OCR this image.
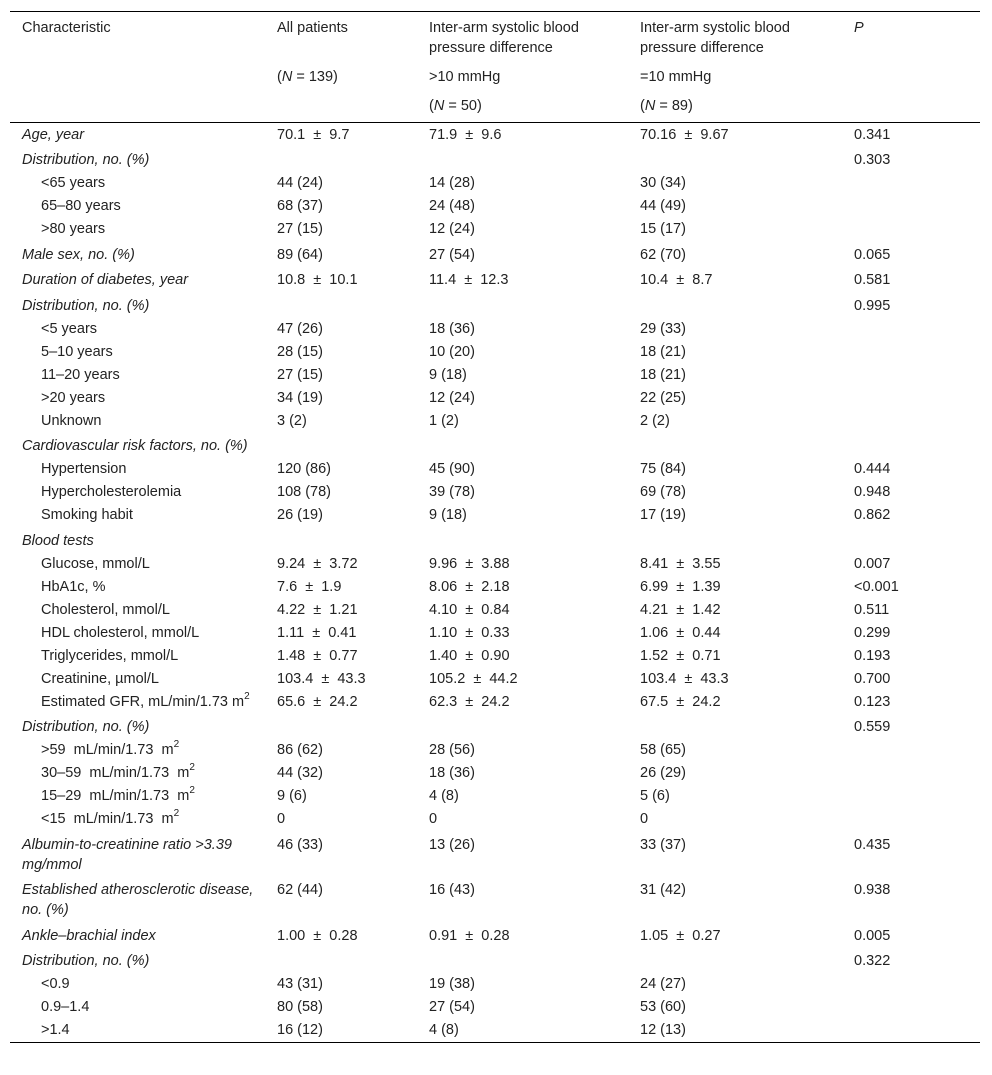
Characteristic	All patients	Inter-arm systolic blood pressure difference	Inter-arm systolic blood pressure difference	P
	(N = 139)	>10 mmHg	=10 mmHg	
		(N = 50)	(N = 89)	
Age, year	70.1  ±  9.7	71.9  ±  9.6	70.16  ±  9.67	0.341
Distribution, no. (%)				0.303
<65 years	44 (24)	14 (28)	30 (34)	
65–80 years	68 (37)	24 (48)	44 (49)	
>80 years	27 (15)	12 (24)	15 (17)	
Male sex, no. (%)	89 (64)	27 (54)	62 (70)	0.065
Duration of diabetes, year	10.8  ±  10.1	11.4  ±  12.3	10.4  ±  8.7	0.581
Distribution, no. (%)				0.995
<5 years	47 (26)	18 (36)	29 (33)	
5–10 years	28 (15)	10 (20)	18 (21)	
11–20 years	27 (15)	9 (18)	18 (21)	
>20 years	34 (19)	12 (24)	22 (25)	
Unknown	3 (2)	1 (2)	2 (2)	
Cardiovascular risk factors, no. (%)				
Hypertension	120 (86)	45 (90)	75 (84)	0.444
Hypercholesterolemia	108 (78)	39 (78)	69 (78)	0.948
Smoking habit	26 (19)	9 (18)	17 (19)	0.862
Blood tests				
Glucose, mmol/L	9.24  ±  3.72	9.96  ±  3.88	8.41  ±  3.55	0.007
HbA1c, %	7.6  ±  1.9	8.06  ±  2.18	6.99  ±  1.39	<0.001
Cholesterol, mmol/L	4.22  ±  1.21	4.10  ±  0.84	4.21  ±  1.42	0.511
HDL cholesterol, mmol/L	1.11  ±  0.41	1.10  ±  0.33	1.06  ±  0.44	0.299
Triglycerides, mmol/L	1.48  ±  0.77	1.40  ±  0.90	1.52  ±  0.71	0.193
Creatinine, µmol/L	103.4  ±  43.3	105.2  ±  44.2	103.4  ±  43.3	0.700
Estimated GFR, mL/min/1.73 $m^2$	65.6  ±  24.2	62.3  ±  24.2	67.5  ±  24.2	0.123
Distribution, no. (%)				0.559
>59  mL/min/1.73  $m^2$	86 (62)	28 (56)	58 (65)	
30–59  mL/min/1.73  $m^2$	44 (32)	18 (36)	26 (29)	
15–29  mL/min/1.73  $m^2$	9 (6)	4 (8)	5 (6)	
<15  mL/min/1.73  $m^2$	0	0	0	
Albumin-to-creatinine ratio >3.39 mg/mmol	46 (33)	13 (26)	33 (37)	0.435
Established atherosclerotic disease, no. (%)	62 (44)	16 (43)	31 (42)	0.938
Ankle–brachial index	1.00  ±  0.28	0.91  ±  0.28	1.05  ±  0.27	0.005
Distribution, no. (%)				0.322
<0.9	43 (31)	19 (38)	24 (27)	
0.9–1.4	80 (58)	27 (54)	53 (60)	
>1.4	16 (12)	4 (8)	12 (13)	
